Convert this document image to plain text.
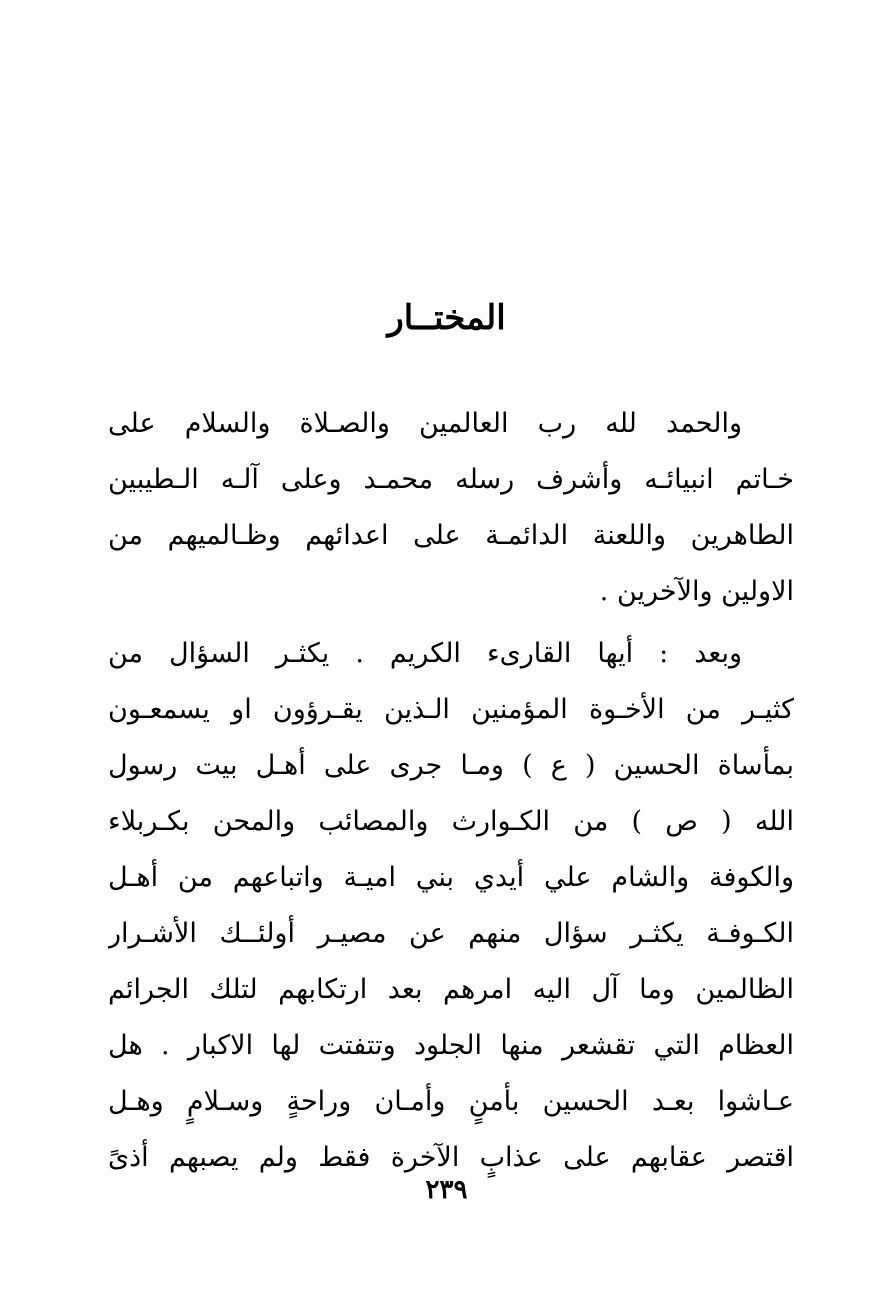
المختــار
والحمد لله رب العالمين والصـلاة والسلام على
خـاتم انبيائـه وأشرف رسله محمـد وعلى آلـه الـطيبين
الطاهرين واللعنة الدائمـة على اعدائهم وظـالميهم من
الاولين والآخرين .
وبعد : أيها القارىء الكريم . يكثـر السؤال من
كثيـر من الأخـوة المؤمنين الـذين يقـرؤون او يسمعـون
بمأساة الحسين ( ع ) ومـا جرى على أهـل بيت رسول
الله ( ص ) من الكـوارث والمصائب والمحن بكـربلاء
والكوفة والشام علي أيدي بني اميـة واتباعهم من أهـل
الكـوفـة يكثـر سؤال منهم عن مصيـر أولئــك الأشـرار
الظالمين وما آل اليه امرهم بعد ارتكابهم لتلك الجرائم
العظام التي تقشعر منها الجلود وتتفتت لها الاكبار . هل
عـاشوا بعـد الحسين بأمنٍ وأمـان وراحةٍ وسـلامٍ وهـل
اقتصر عقابهم على عذابٍ الآخرة فقط ولم يصبهم أذىً
٢٣٩
